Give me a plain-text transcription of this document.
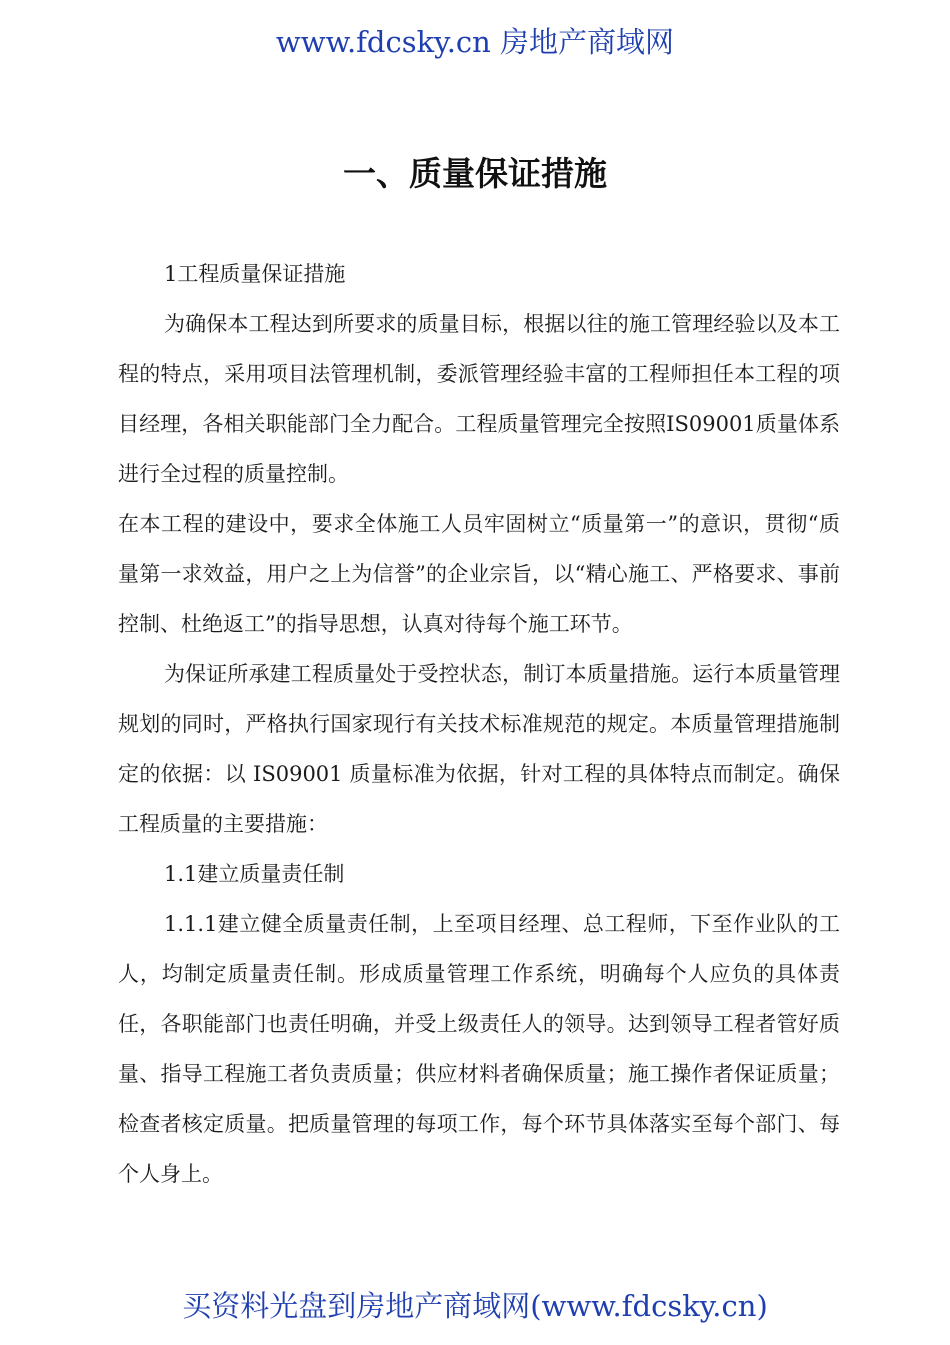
www.fdcsky.cn 房地产商域网
一、质量保证措施

1工程质量保证措施

为确保本工程达到所要求的质量目标，根据以往的施工管理经验以及本工程的特点，采用项目法管理机制，委派管理经验丰富的工程师担任本工程的项目经理，各相关职能部门全力配合。工程质量管理完全按照IS09001质量体系进行全过程的质量控制。

在本工程的建设中，要求全体施工人员牢固树立“质量第一”的意识，贯彻“质量第一求效益，用户之上为信誉”的企业宗旨，以“精心施工、严格要求、事前控制、杜绝返工”的指导思想，认真对待每个施工环节。

为保证所承建工程质量处于受控状态，制订本质量措施。运行本质量管理规划的同时，严格执行国家现行有关技术标准规范的规定。本质量管理措施制定的依据：以 IS09001 质量标准为依据，针对工程的具体特点而制定。确保工程质量的主要措施：

1.1建立质量责任制

1.1.1建立健全质量责任制，上至项目经理、总工程师，下至作业队的工人，均制定质量责任制。形成质量管理工作系统，明确每个人应负的具体责任，各职能部门也责任明确，并受上级责任人的领导。达到领导工程者管好质量、指导工程施工者负责质量；供应材料者确保质量；施工操作者保证质量；检查者核定质量。把质量管理的每项工作，每个环节具体落实至每个部门、每个人身上。

买资料光盘到房地产商域网(www.fdcsky.cn)
